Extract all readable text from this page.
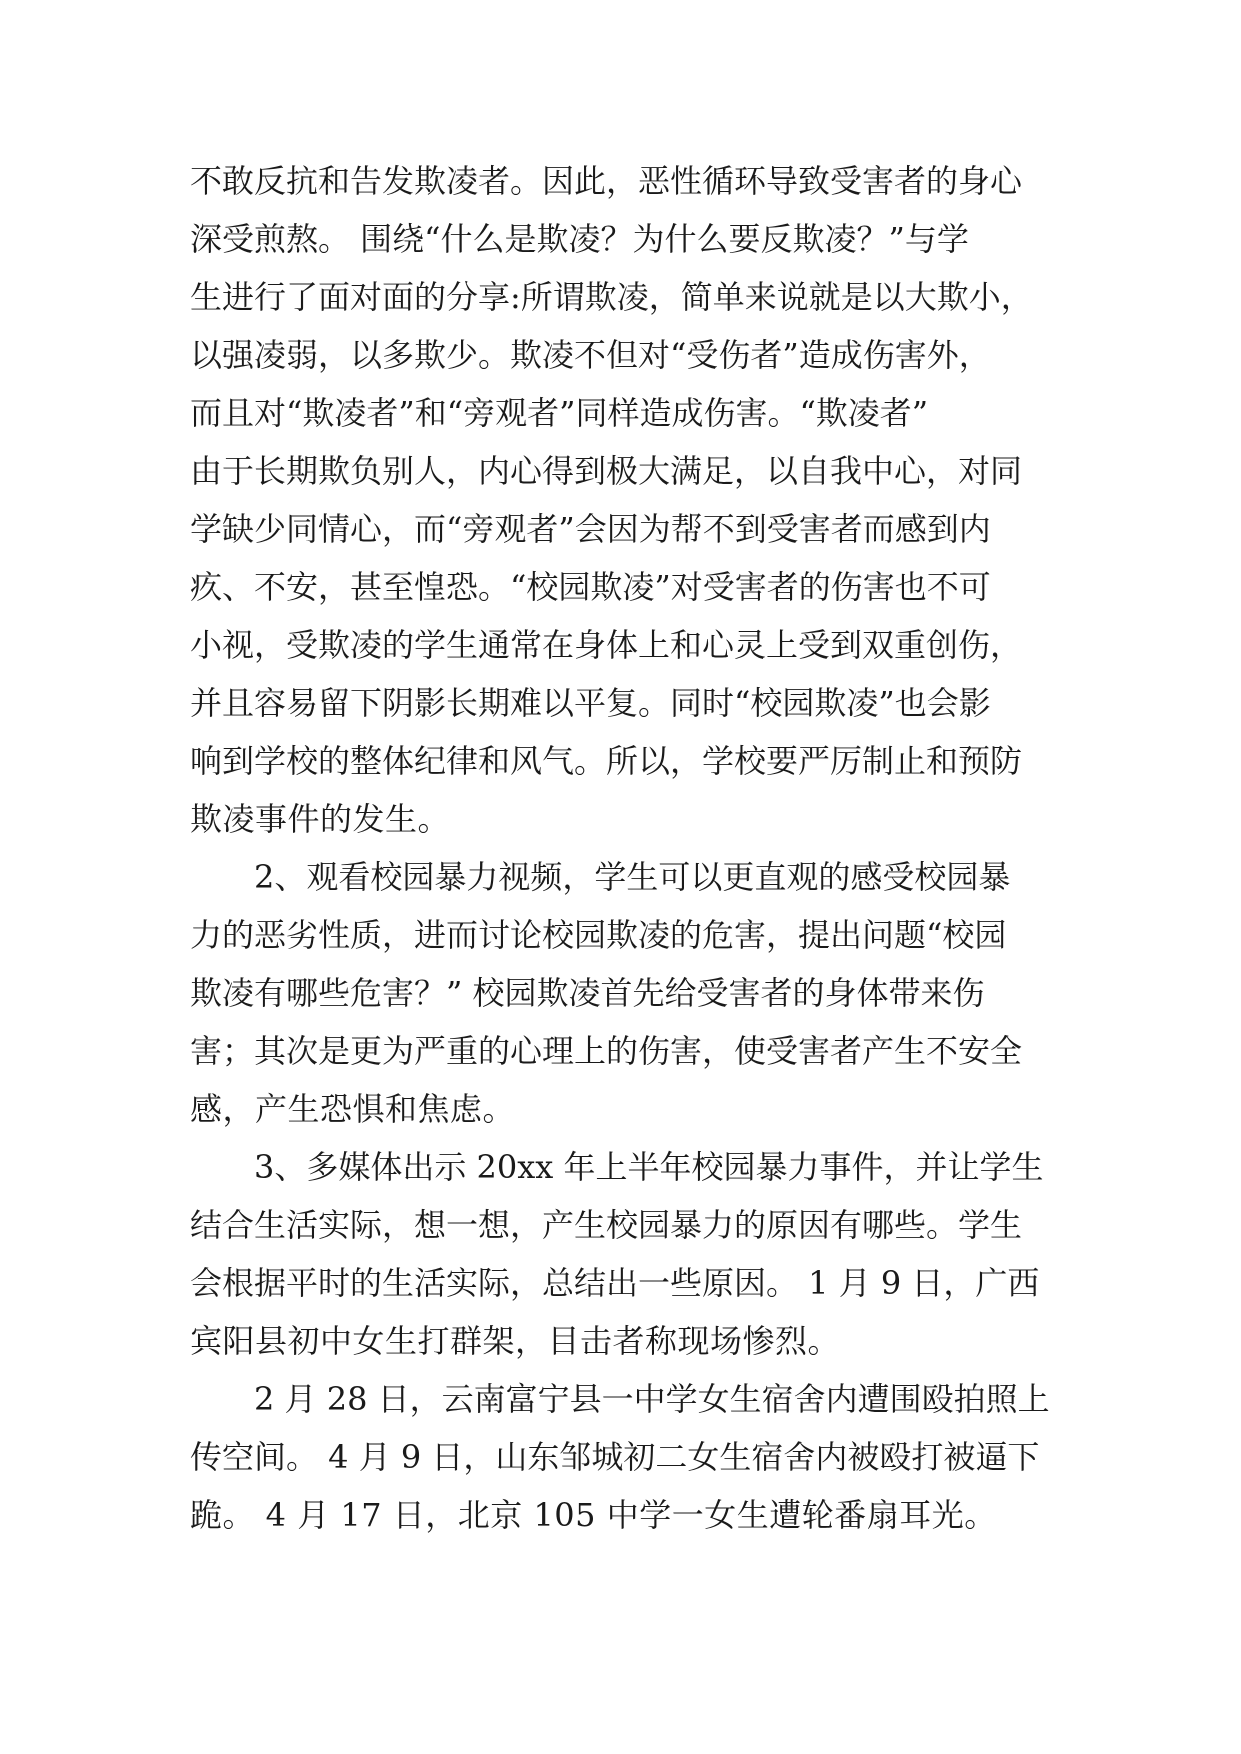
不敢反抗和告发欺凌者。因此，恶性循环导致受害者的身心
深受煎熬。 围绕“什么是欺凌？为什么要反欺凌？”与学
生进行了面对面的分享:所谓欺凌，简单来说就是以大欺小，
以强凌弱，以多欺少。欺凌不但对“受伤者”造成伤害外，
而且对“欺凌者”和“旁观者”同样造成伤害。“欺凌者”
由于长期欺负别人，内心得到极大满足，以自我中心，对同
学缺少同情心，而“旁观者”会因为帮不到受害者而感到内
疚、不安，甚至惶恐。“校园欺凌”对受害者的伤害也不可
小视，受欺凌的学生通常在身体上和心灵上受到双重创伤，
并且容易留下阴影长期难以平复。同时“校园欺凌”也会影
响到学校的整体纪律和风气。所以，学校要严厉制止和预防
欺凌事件的发生。
2、观看校园暴力视频，学生可以更直观的感受校园暴
力的恶劣性质，进而讨论校园欺凌的危害，提出问题“校园
欺凌有哪些危害？” 校园欺凌首先给受害者的身体带来伤
害；其次是更为严重的心理上的伤害，使受害者产生不安全
感，产生恐惧和焦虑。
3、多媒体出示 20xx 年上半年校园暴力事件，并让学生
结合生活实际，想一想，产生校园暴力的原因有哪些。学生
会根据平时的生活实际，总结出一些原因。 1 月 9 日，广西
宾阳县初中女生打群架，目击者称现场惨烈。
2 月 28 日，云南富宁县一中学女生宿舍内遭围殴拍照上
传空间。 4 月 9 日，山东邹城初二女生宿舍内被殴打被逼下
跪。 4 月 17 日，北京 105 中学一女生遭轮番扇耳光。
